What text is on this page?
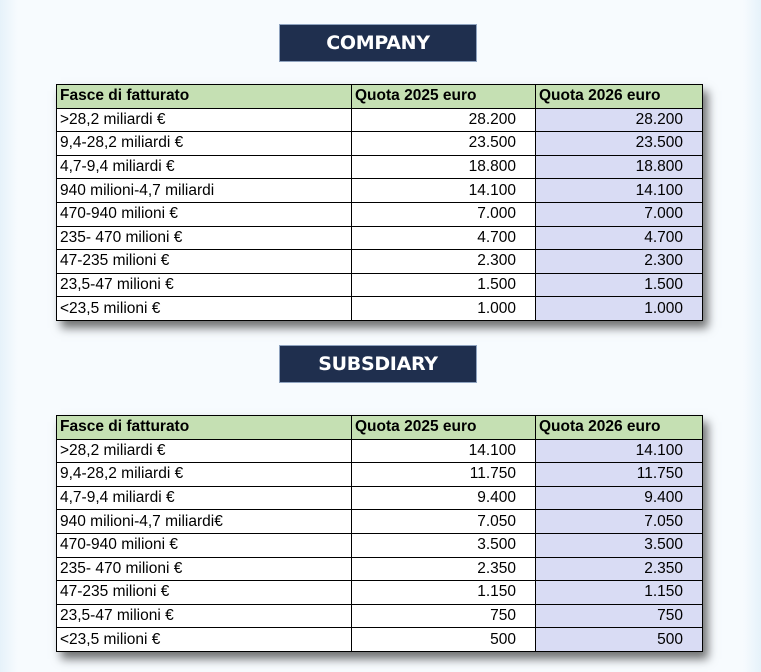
COMPANY
Fasce di fatturato	Quota 2025 euro	Quota 2026 euro
>28,2 miliardi €	28.200	28.200
9,4-28,2 miliardi €	23.500	23.500
4,7-9,4 miliardi €	18.800	18.800
940 milioni-4,7 miliardi	14.100	14.100
470-940 milioni €	7.000	7.000
235- 470 milioni €	4.700	4.700
47-235 milioni €	2.300	2.300
23,5-47 milioni €	1.500	1.500
<23,5 milioni €	1.000	1.000
SUBSDIARY
Fasce di fatturato	Quota 2025 euro	Quota 2026 euro
>28,2 miliardi €	14.100	14.100
9,4-28,2 miliardi €	11.750	11.750
4,7-9,4 miliardi €	9.400	9.400
940 milioni-4,7 miliardi€	7.050	7.050
470-940 milioni €	3.500	3.500
235- 470 milioni €	2.350	2.350
47-235 milioni €	1.150	1.150
23,5-47 milioni €	750	750
<23,5 milioni €	500	500
